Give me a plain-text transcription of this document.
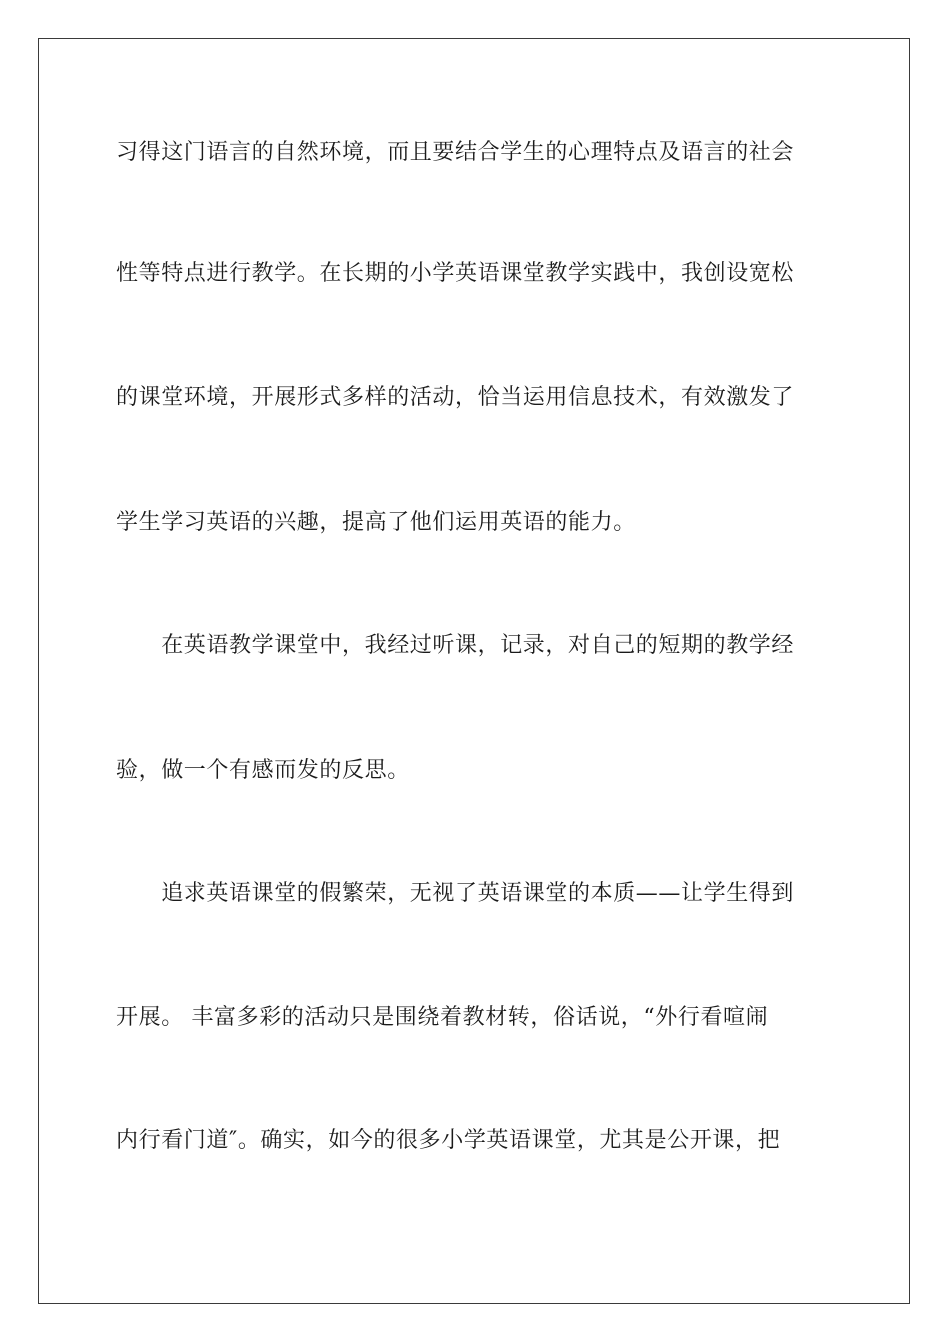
习得这门语言的自然环境，而且要结合学生的心理特点及语言的社会
性等特点进行教学。在长期的小学英语课堂教学实践中，我创设宽松
的课堂环境，开展形式多样的活动，恰当运用信息技术，有效激发了
学生学习英语的兴趣，提高了他们运用英语的能力。
　　在英语教学课堂中，我经过听课，记录，对自己的短期的教学经
验，做一个有感而发的反思。
　　追求英语课堂的假繁荣，无视了英语课堂的本质——让学生得到
开展。 丰富多彩的活动只是围绕着教材转，俗话说，“外行看喧闹
内行看门道″。确实，如今的很多小学英语课堂，尤其是公开课，把
